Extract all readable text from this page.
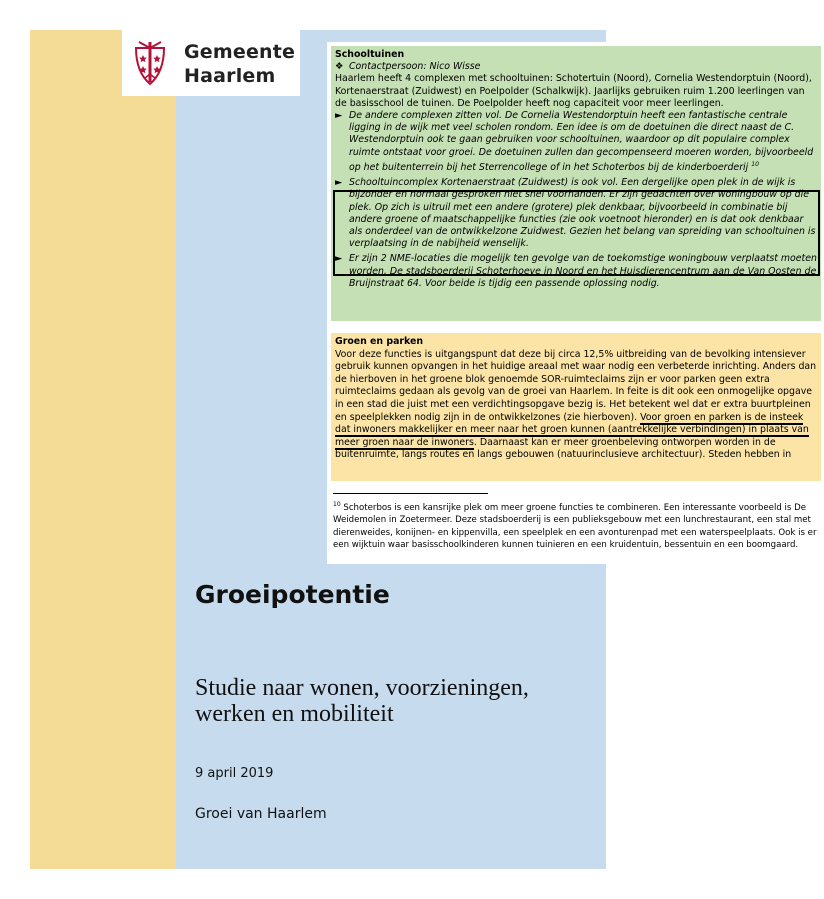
Gemeente
Haarlem
Schooltuinen
❖ Contactpersoon: Nico Wisse
Haarlem heeft 4 complexen met schooltuinen: Schotertuin (Noord), Cornelia Westendorptuin (Noord), Kortenaerstraat (Zuidwest) en Poelpolder (Schalkwijk). Jaarlijks gebruiken ruim 1.200 leerlingen van de basisschool de tuinen. De Poelpolder heeft nog capaciteit voor meer leerlingen.
► De andere complexen zitten vol. De Cornelia Westendorptuin heeft een fantastische centrale ligging in de wijk met veel scholen rondom. Een idee is om de doetuinen die direct naast de C. Westendorptuin ook te gaan gebruiken voor schooltuinen, waardoor op dit populaire complex ruimte ontstaat voor groei. De doetuinen zullen dan gecompenseerd moeren worden, bijvoorbeeld op het buitenterrein bij het Sterrencollege of in het Schoterbos bij de kinderboerderij $^{10}$
► Schooltuincomplex Kortenaerstraat (Zuidwest) is ook vol. Een dergelijke open plek in de wijk is bijzonder en normaal gesproken niet snel voorhanden. Er zijn gedachten over woningbouw op die plek. Op zich is uitruil met een andere (grotere) plek denkbaar, bijvoorbeeld in combinatie bij andere groene of maatschappelijke functies (zie ook voetnoot hieronder) en is dat ook denkbaar als onderdeel van de ontwikkelzone Zuidwest. Gezien het belang van spreiding van schooltuinen is verplaatsing in de nabijheid wenselijk.
► Er zijn 2 NME-locaties die mogelijk ten gevolge van de toekomstige woningbouw verplaatst moeten worden. De stadsboerderij Schoterhoeve in Noord en het Huisdierencentrum aan de Van Oosten de Bruijnstraat 64. Voor beide is tijdig een passende oplossing nodig.
Groen en parken
Voor deze functies is uitgangspunt dat deze bij circa 12,5% uitbreiding van de bevolking intensiever gebruik kunnen opvangen in het huidige areaal met waar nodig een verbeterde inrichting. Anders dan de hierboven in het groene blok genoemde SOR-ruimteclaims zijn er voor parken geen extra ruimteclaims gedaan als gevolg van de groei van Haarlem. In feite is dit ook een onmogelijke opgave in een stad die juist met een verdichtingsopgave bezig is. Het betekent wel dat er extra buurtpleinen en speelplekken nodig zijn in de ontwikkelzones (zie hierboven). Voor groen en parken is de insteek dat inwoners makkelijker en meer naar het groen kunnen (aantrekkelijke verbindingen) in plaats van meer groen naar de inwoners. Daarnaast kan er meer groenbeleving ontworpen worden in de buitenruimte, langs routes en langs gebouwen (natuurinclusieve architectuur). Steden hebben in
$^{10}$ Schoterbos is een kansrijke plek om meer groene functies te combineren. Een interessante voorbeeld is De Weidemolen in Zoetermeer. Deze stadsboerderij is een publieksgebouw met een lunchrestaurant, een stal met dierenweides, konijnen- en kippenvilla, een speelplek en een avonturenpad met een waterspeelplaats. Ook is er een wijktuin waar basisschoolkinderen kunnen tuinieren en een kruidentuin, bessentuin en een boomgaard.
Groeipotentie
Studie naar wonen, voorzieningen, werken en mobiliteit
9 april 2019
Groei van Haarlem
